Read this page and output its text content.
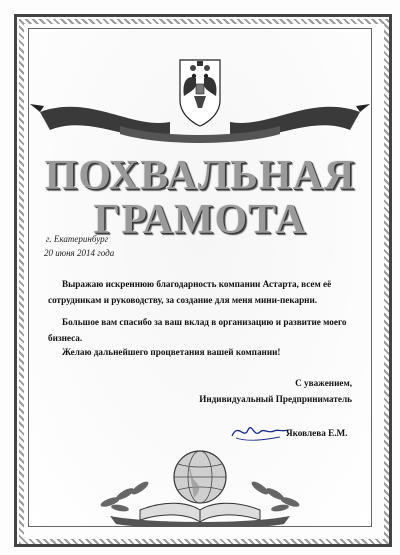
ПОХВАЛЬНАЯ
ГРАМОТА
г. Екатеринбург
20 июня 2014 года
Выражаю искреннюю благодарность компании Астарта, всем её сотрудникам и руководству, за создание для меня мини-пекарни.
Большое вам спасибо за ваш вклад в организацию и развитие моего бизнеса.
Желаю дальнейшего процветания вашей компании!
С уважением,
Индивидуальный Предприниматель
Яковлева Е.М.
